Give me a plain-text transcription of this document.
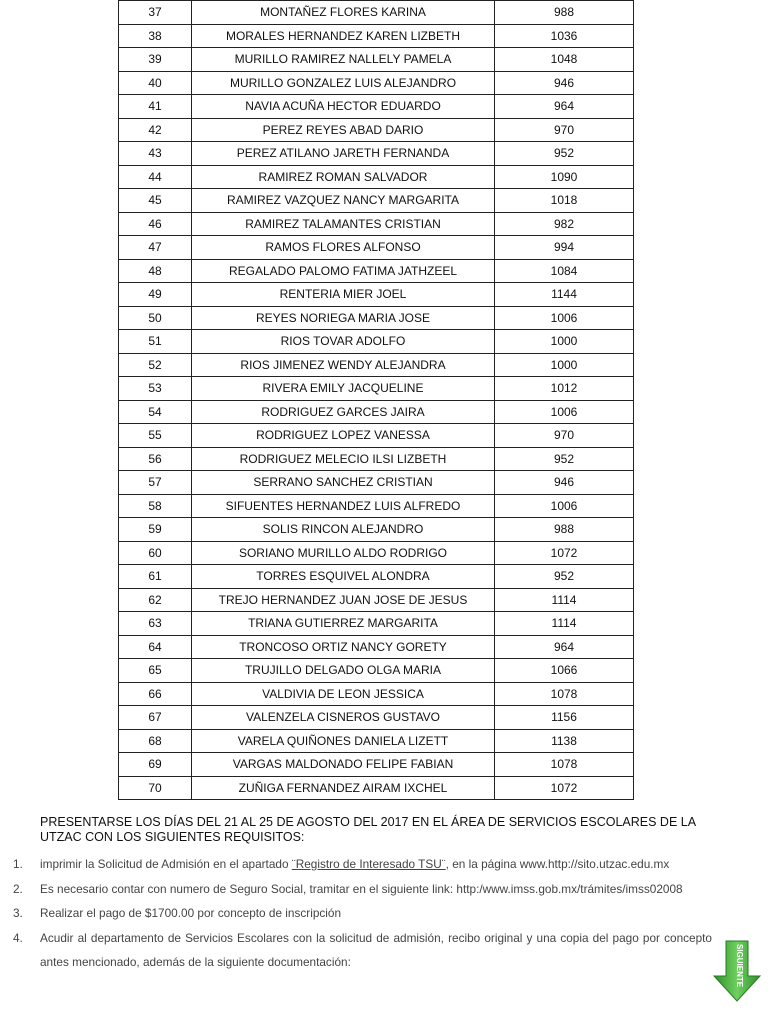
37	MONTAÑEZ FLORES KARINA	988
38	MORALES HERNANDEZ KAREN LIZBETH	1036
39	MURILLO RAMIREZ NALLELY PAMELA	1048
40	MURILLO GONZALEZ LUIS ALEJANDRO	946
41	NAVIA ACUÑA HECTOR EDUARDO	964
42	PEREZ REYES ABAD DARIO	970
43	PEREZ ATILANO JARETH FERNANDA	952
44	RAMIREZ ROMAN SALVADOR	1090
45	RAMIREZ VAZQUEZ NANCY MARGARITA	1018
46	RAMIREZ TALAMANTES CRISTIAN	982
47	RAMOS FLORES ALFONSO	994
48	REGALADO PALOMO FATIMA JATHZEEL	1084
49	RENTERIA MIER JOEL	1144
50	REYES NORIEGA MARIA JOSE	1006
51	RIOS TOVAR ADOLFO	1000
52	RIOS JIMENEZ WENDY ALEJANDRA	1000
53	RIVERA EMILY JACQUELINE	1012
54	RODRIGUEZ GARCES JAIRA	1006
55	RODRIGUEZ LOPEZ VANESSA	970
56	RODRIGUEZ MELECIO ILSI LIZBETH	952
57	SERRANO SANCHEZ CRISTIAN	946
58	SIFUENTES HERNANDEZ LUIS ALFREDO	1006
59	SOLIS RINCON ALEJANDRO	988
60	SORIANO MURILLO ALDO RODRIGO	1072
61	TORRES ESQUIVEL ALONDRA	952
62	TREJO HERNANDEZ JUAN JOSE DE JESUS	1114
63	TRIANA GUTIERREZ MARGARITA	1114
64	TRONCOSO ORTIZ NANCY GORETY	964
65	TRUJILLO DELGADO OLGA MARIA	1066
66	VALDIVIA DE LEON JESSICA	1078
67	VALENZELA CISNEROS GUSTAVO	1156
68	VARELA QUIÑONES DANIELA LIZETT	1138
69	VARGAS MALDONADO FELIPE FABIAN	1078
70	ZUÑIGA FERNANDEZ AIRAM IXCHEL	1072
PRESENTARSE LOS DÍAS DEL 21 AL 25 DE AGOSTO DEL 2017 EN EL ÁREA DE SERVICIOS ESCOLARES DE LA UTZAC CON LOS SIGUIENTES REQUISITOS:
1. imprimir la Solicitud de Admisión en el apartado ¨Registro de Interesado TSU¨, en la página www.http://sito.utzac.edu.mx
2. Es necesario contar con numero de Seguro Social, tramitar en el siguiente link: http:/www.imss.gob.mx/trámites/imss02008
3. Realizar el pago de $1700.00 por concepto de inscripción
4. Acudir al departamento de Servicios Escolares con la solicitud de admisión, recibo original y una copia del pago por concepto antes mencionado, además de la siguiente documentación:	SIGUIENTE
